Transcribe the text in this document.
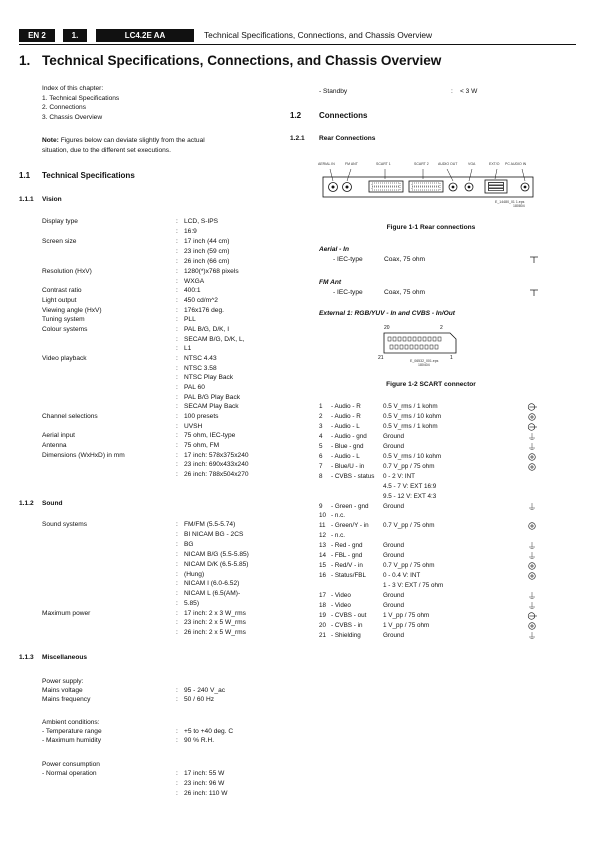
EN 2	1.	LC4.2E AA	Technical Specifications, Connections, and Chassis Overview
1. Technical Specifications, Connections, and Chassis Overview
Index of this chapter:
1. Technical Specifications
2. Connections
3. Chassis Overview
Note: Figures below can deviate slightly from the actual
situation, due to the different set executions.
1.1 Technical Specifications
1.1.1 Vision
Display type	: LCD, S-IPS
: 16:9
Screen size	: 17 inch (44 cm)
: 23 inch (59 cm)
: 26 inch (66 cm)
Resolution (HxV)	: 1280(*)x768 pixels
: WXGA
Contrast ratio	: 400:1
Light output	: 450 cd/m^2
Viewing angle (HxV)	: 176x176 deg.
Tuning system	: PLL
Colour systems	: PAL B/G, D/K, I
: SECAM B/G, D/K, L,
: L1
Video playback	: NTSC 4.43
: NTSC 3.58
: NTSC Play Back
: PAL 60
: PAL B/G Play Back
: SECAM Play Back
Channel selections	: 100 presets
: UVSH
Aerial input	: 75 ohm, IEC-type
Antenna	: 75 ohm, FM
Dimensions (WxHxD) in mm	: 17 inch: 578x375x240
: 23 inch: 690x433x240
: 26 inch: 788x504x270
1.1.2 Sound
Sound systems	: FM/FM (5.5-5.74)
: BI NICAM BG - 2CS
: BG
: NICAM B/G (5.5-5.85)
: NICAM D/K (6.5-5.85)
: (Hung)
: NICAM I (6.0-6.52)
: NICAM L (6.5(AM)-
: 5.85)
Maximum power	: 17 inch: 2 x 3 W_rms
: 23 inch: 2 x 5 W_rms
: 26 inch: 2 x 5 W_rms
1.1.3 Miscellaneous
Power supply:
Mains voltage	: 95 - 240 V_ac
Mains frequency	: 50 / 60 Hz
Ambient conditions:
- Temperature range	: +5 to +40 deg. C
- Maximum humidity	: 90 % R.H.
Power consumption
- Normal operation	: 17 inch: 55 W
: 23 inch: 96 W
: 26 inch: 110 W
- Standby	: < 3 W
1.2 Connections
1.2.1 Rear Connections
AERIAL IN	FM ANT	SCART 1	SCART 2	AUDIO OUT	VGA	EXT/O PC AUDIO IN
E_14480_01 1.eps
180804
Figure 1-1 Rear connections
Aerial - In
- IEC-type	Coax, 75 ohm
FM Ant
- IEC-type	Coax, 75 ohm
External 1: RGB/YUV - In and CVBS - In/Out
20	2
21	1
E_06532_001.eps
180404
Figure 1-2 SCART connector
1 - Audio - R	0.5 V_rms / 1 kohm
2 - Audio - R	0.5 V_rms / 10 kohm
3 - Audio - L	0.5 V_rms / 1 kohm
4 - Audio - gnd	Ground
5 - Blue - gnd	Ground
6 - Audio - L	0.5 V_rms / 10 kohm
7 - Blue/U - in	0.7 V_pp / 75 ohm
8 - CVBS - status 0 - 2 V: INT
4.5 - 7 V: EXT 16:9
9.5 - 12 V: EXT 4:3
9 - Green - gnd Ground
10 - n.c.
11 - Green/Y - in 0.7 V_pp / 75 ohm
12 - n.c.
13 - Red - gnd	Ground
14 - FBL - gnd	Ground
15 - Red/V - in	0.7 V_pp / 75 ohm
16 - Status/FBL	0 - 0.4 V: INT
1 - 3 V: EXT / 75 ohm
17 - Video	Ground
18 - Video	Ground
19 - CVBS - out	1 V_pp / 75 ohm
20 - CVBS - in	1 V_pp / 75 ohm
21 - Shielding	Ground
